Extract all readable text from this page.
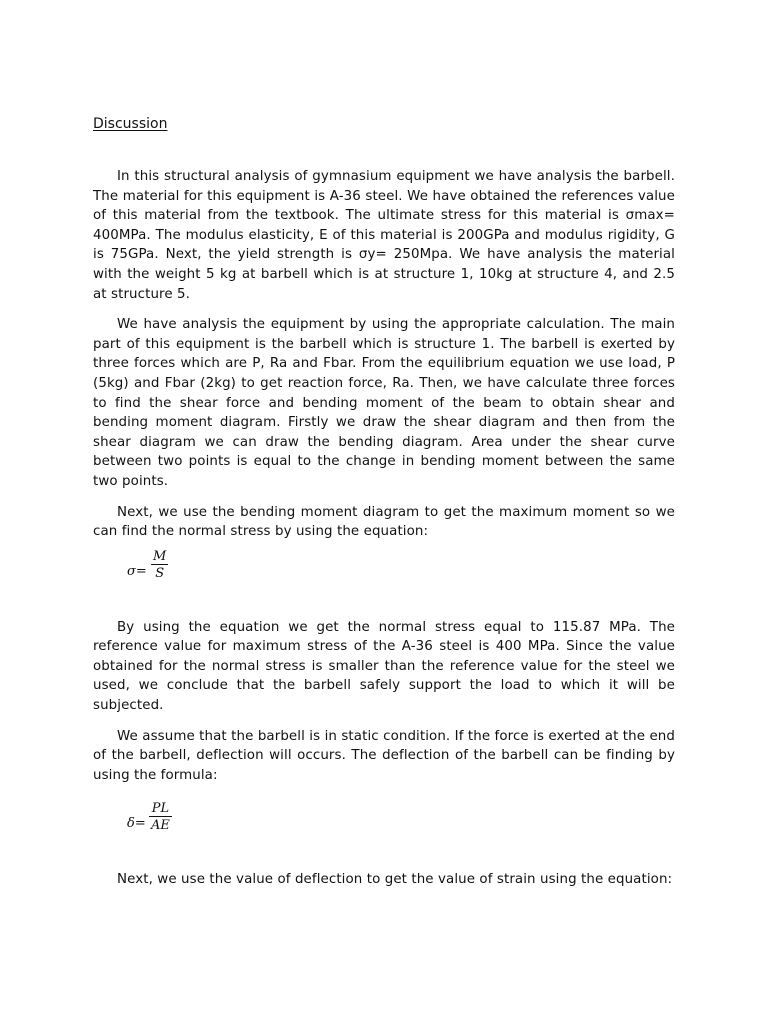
Discussion

In this structural analysis of gymnasium equipment we have analysis the barbell. The material for this equipment is A-36 steel. We have obtained the references value of this material from the textbook. The ultimate stress for this material is σmax= 400MPa. The modulus elasticity, E of this material is 200GPa and modulus rigidity, G is 75GPa. Next, the yield strength is σy= 250Mpa. We have analysis the material with the weight 5 kg at barbell which is at structure 1, 10kg at structure 4, and 2.5 at structure 5.

We have analysis the equipment by using the appropriate calculation. The main part of this equipment is the barbell which is structure 1. The barbell is exerted by three forces which are P, Ra and Fbar. From the equilibrium equation we use load, P (5kg) and Fbar (2kg) to get reaction force, Ra. Then, we have calculate three forces to find the shear force and bending moment of the beam to obtain shear and bending moment diagram. Firstly we draw the shear diagram and then from the shear diagram we can draw the bending diagram. Area under the shear curve between two points is equal to the change in bending moment between the same two points.

Next, we use the bending moment diagram to get the maximum moment so we can find the normal stress by using the equation:

σ=
M
S

By using the equation we get the normal stress equal to 115.87 MPa. The reference value for maximum stress of the A-36 steel is 400 MPa. Since the value obtained for the normal stress is smaller than the reference value for the steel we used, we conclude that the barbell safely support the load to which it will be subjected.

We assume that the barbell is in static condition. If the force is exerted at the end of the barbell, deflection will occurs. The deflection of the barbell can be finding by using the formula:

δ=
PL
AE

Next, we use the value of deflection to get the value of strain using the equation:
